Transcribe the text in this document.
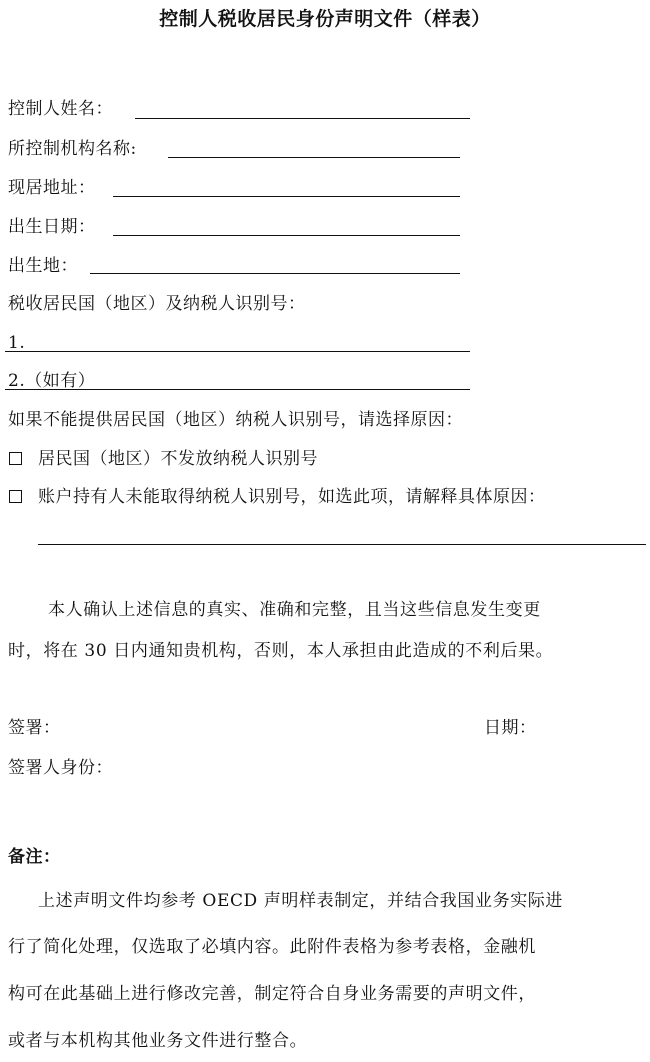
控制人税收居民身份声明文件（样表）
控制人姓名：
所控制机构名称:
现居地址：
出生日期：
出生地：
税收居民国（地区）及纳税人识别号：
1.
2.（如有）
如果不能提供居民国（地区）纳税人识别号，请选择原因：
居民国（地区）不发放纳税人识别号
账户持有人未能取得纳税人识别号，如选此项，请解释具体原因：
本人确认上述信息的真实、准确和完整，且当这些信息发生变更
时，将在 30 日内通知贵机构，否则，本人承担由此造成的不利后果。
签署：	日期：
签署人身份：
备注：
上述声明文件均参考 OECD 声明样表制定，并结合我国业务实际进
行了简化处理，仅选取了必填内容。此附件表格为参考表格，金融机
构可在此基础上进行修改完善，制定符合自身业务需要的声明文件，
或者与本机构其他业务文件进行整合。
